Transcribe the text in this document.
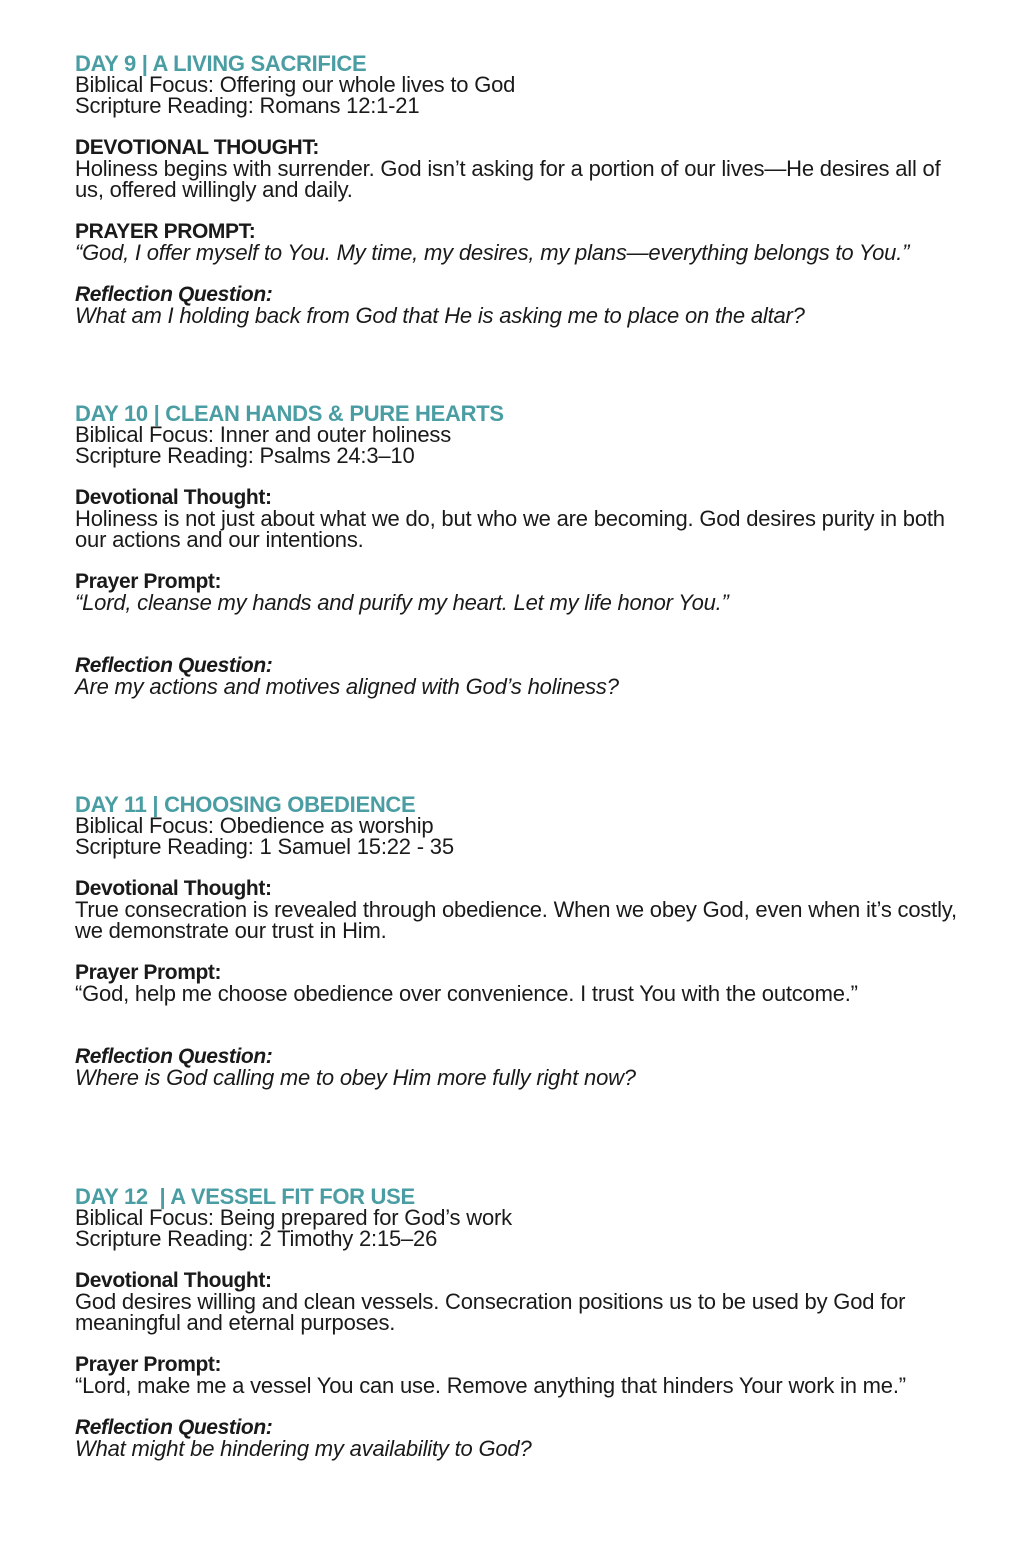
DAY 9 | A LIVING SACRIFICE

Biblical Focus: Offering our whole lives to God

Scripture Reading: Romans 12:1-21

DEVOTIONAL THOUGHT:

Holiness begins with surrender. God isn’t asking for a portion of our lives—He desires all of us, offered willingly and daily.

PRAYER PROMPT:

“God, I offer myself to You. My time, my desires, my plans—everything belongs to You.”

Reflection Question:

What am I holding back from God that He is asking me to place on the altar?

DAY 10 | CLEAN HANDS & PURE HEARTS

Biblical Focus: Inner and outer holiness

Scripture Reading: Psalms 24:3–10

Devotional Thought:

Holiness is not just about what we do, but who we are becoming. God desires purity in both our actions and our intentions.

Prayer Prompt:

“Lord, cleanse my hands and purify my heart. Let my life honor You.”

Reflection Question:

Are my actions and motives aligned with God’s holiness?

DAY 11 | CHOOSING OBEDIENCE

Biblical Focus: Obedience as worship

Scripture Reading: 1 Samuel 15:22 - 35

Devotional Thought:

True consecration is revealed through obedience. When we obey God, even when it’s costly, we demonstrate our trust in Him.

Prayer Prompt:

“God, help me choose obedience over convenience. I trust You with the outcome.”

Reflection Question:

Where is God calling me to obey Him more fully right now?

DAY 12  | A VESSEL FIT FOR USE

Biblical Focus: Being prepared for God’s work

Scripture Reading: 2 Timothy 2:15–26

Devotional Thought:

God desires willing and clean vessels. Consecration positions us to be used by God for meaningful and eternal purposes.

Prayer Prompt:

“Lord, make me a vessel You can use. Remove anything that hinders Your work in me.”

Reflection Question:

What might be hindering my availability to God?
